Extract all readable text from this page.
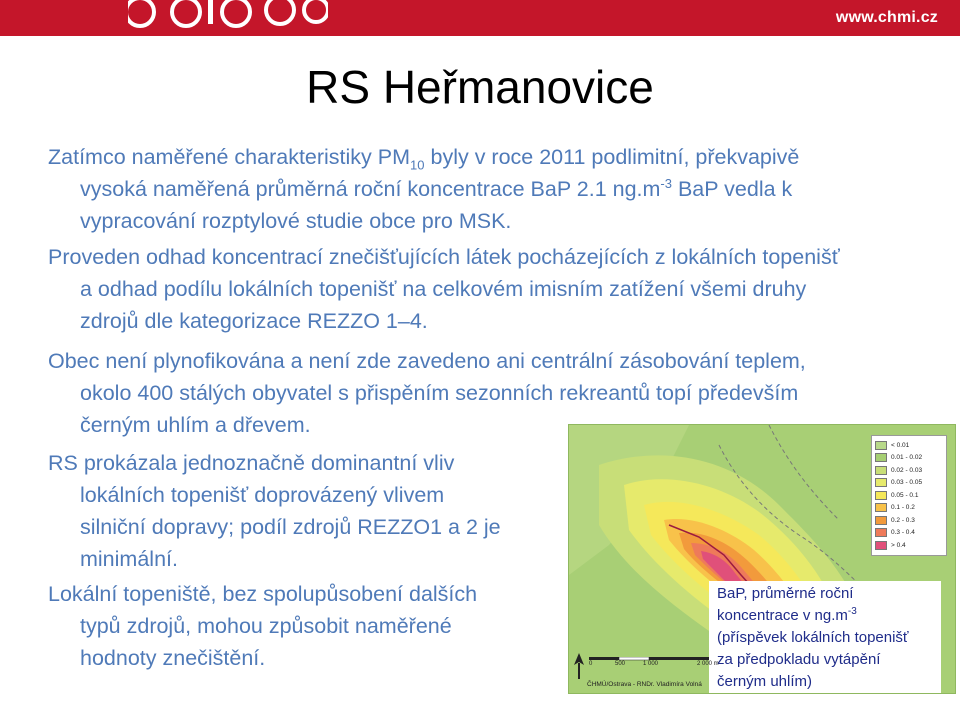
www.chmi.cz
RS Heřmanovice
Zatímco naměřené charakteristiky $PM_{10}$ byly v roce 2011 podlimitní, překvapivě
vysoká naměřená průměrná roční koncentrace BaP 2.1 $ng.m^{-3}$ BaP vedla k
vypracování rozptylové studie obce pro MSK.
Proveden odhad koncentrací znečišťujících látek pocházejících z lokálních topenišť
a odhad podílu lokálních topenišť na celkovém imisním zatížení všemi druhy
zdrojů dle kategorizace REZZO 1–4.
Obec není plynofikována a není zde zavedeno ani centrální zásobování teplem,
okolo 400 stálých obyvatel s přispěním sezonních rekreantů topí především
černým uhlím a dřevem.
RS prokázala jednoznačně dominantní vliv
lokálních topenišť doprovázený vlivem
silniční dopravy; podíl zdrojů REZZO1 a 2 je
minimální.
Lokální topeniště, bez spolupůsobení dalších
typů zdrojů, mohou způsobit naměřené
hodnoty znečištění.
< 0.01
0.01 - 0.02
0.02 - 0.03
0.03 - 0.05
0.05 - 0.1
0.1 - 0.2
0.2 - 0.3
0.3 - 0.4
> 0.4
BaP, průměrné roční
koncentrace v $ng.m^{-3}$
(příspěvek lokálních topenišť
za předpokladu vytápění
černým uhlím)
0	500	1 000	2 000 m
ČHMÚ/Ostrava - RNDr. Vladimíra Volná
